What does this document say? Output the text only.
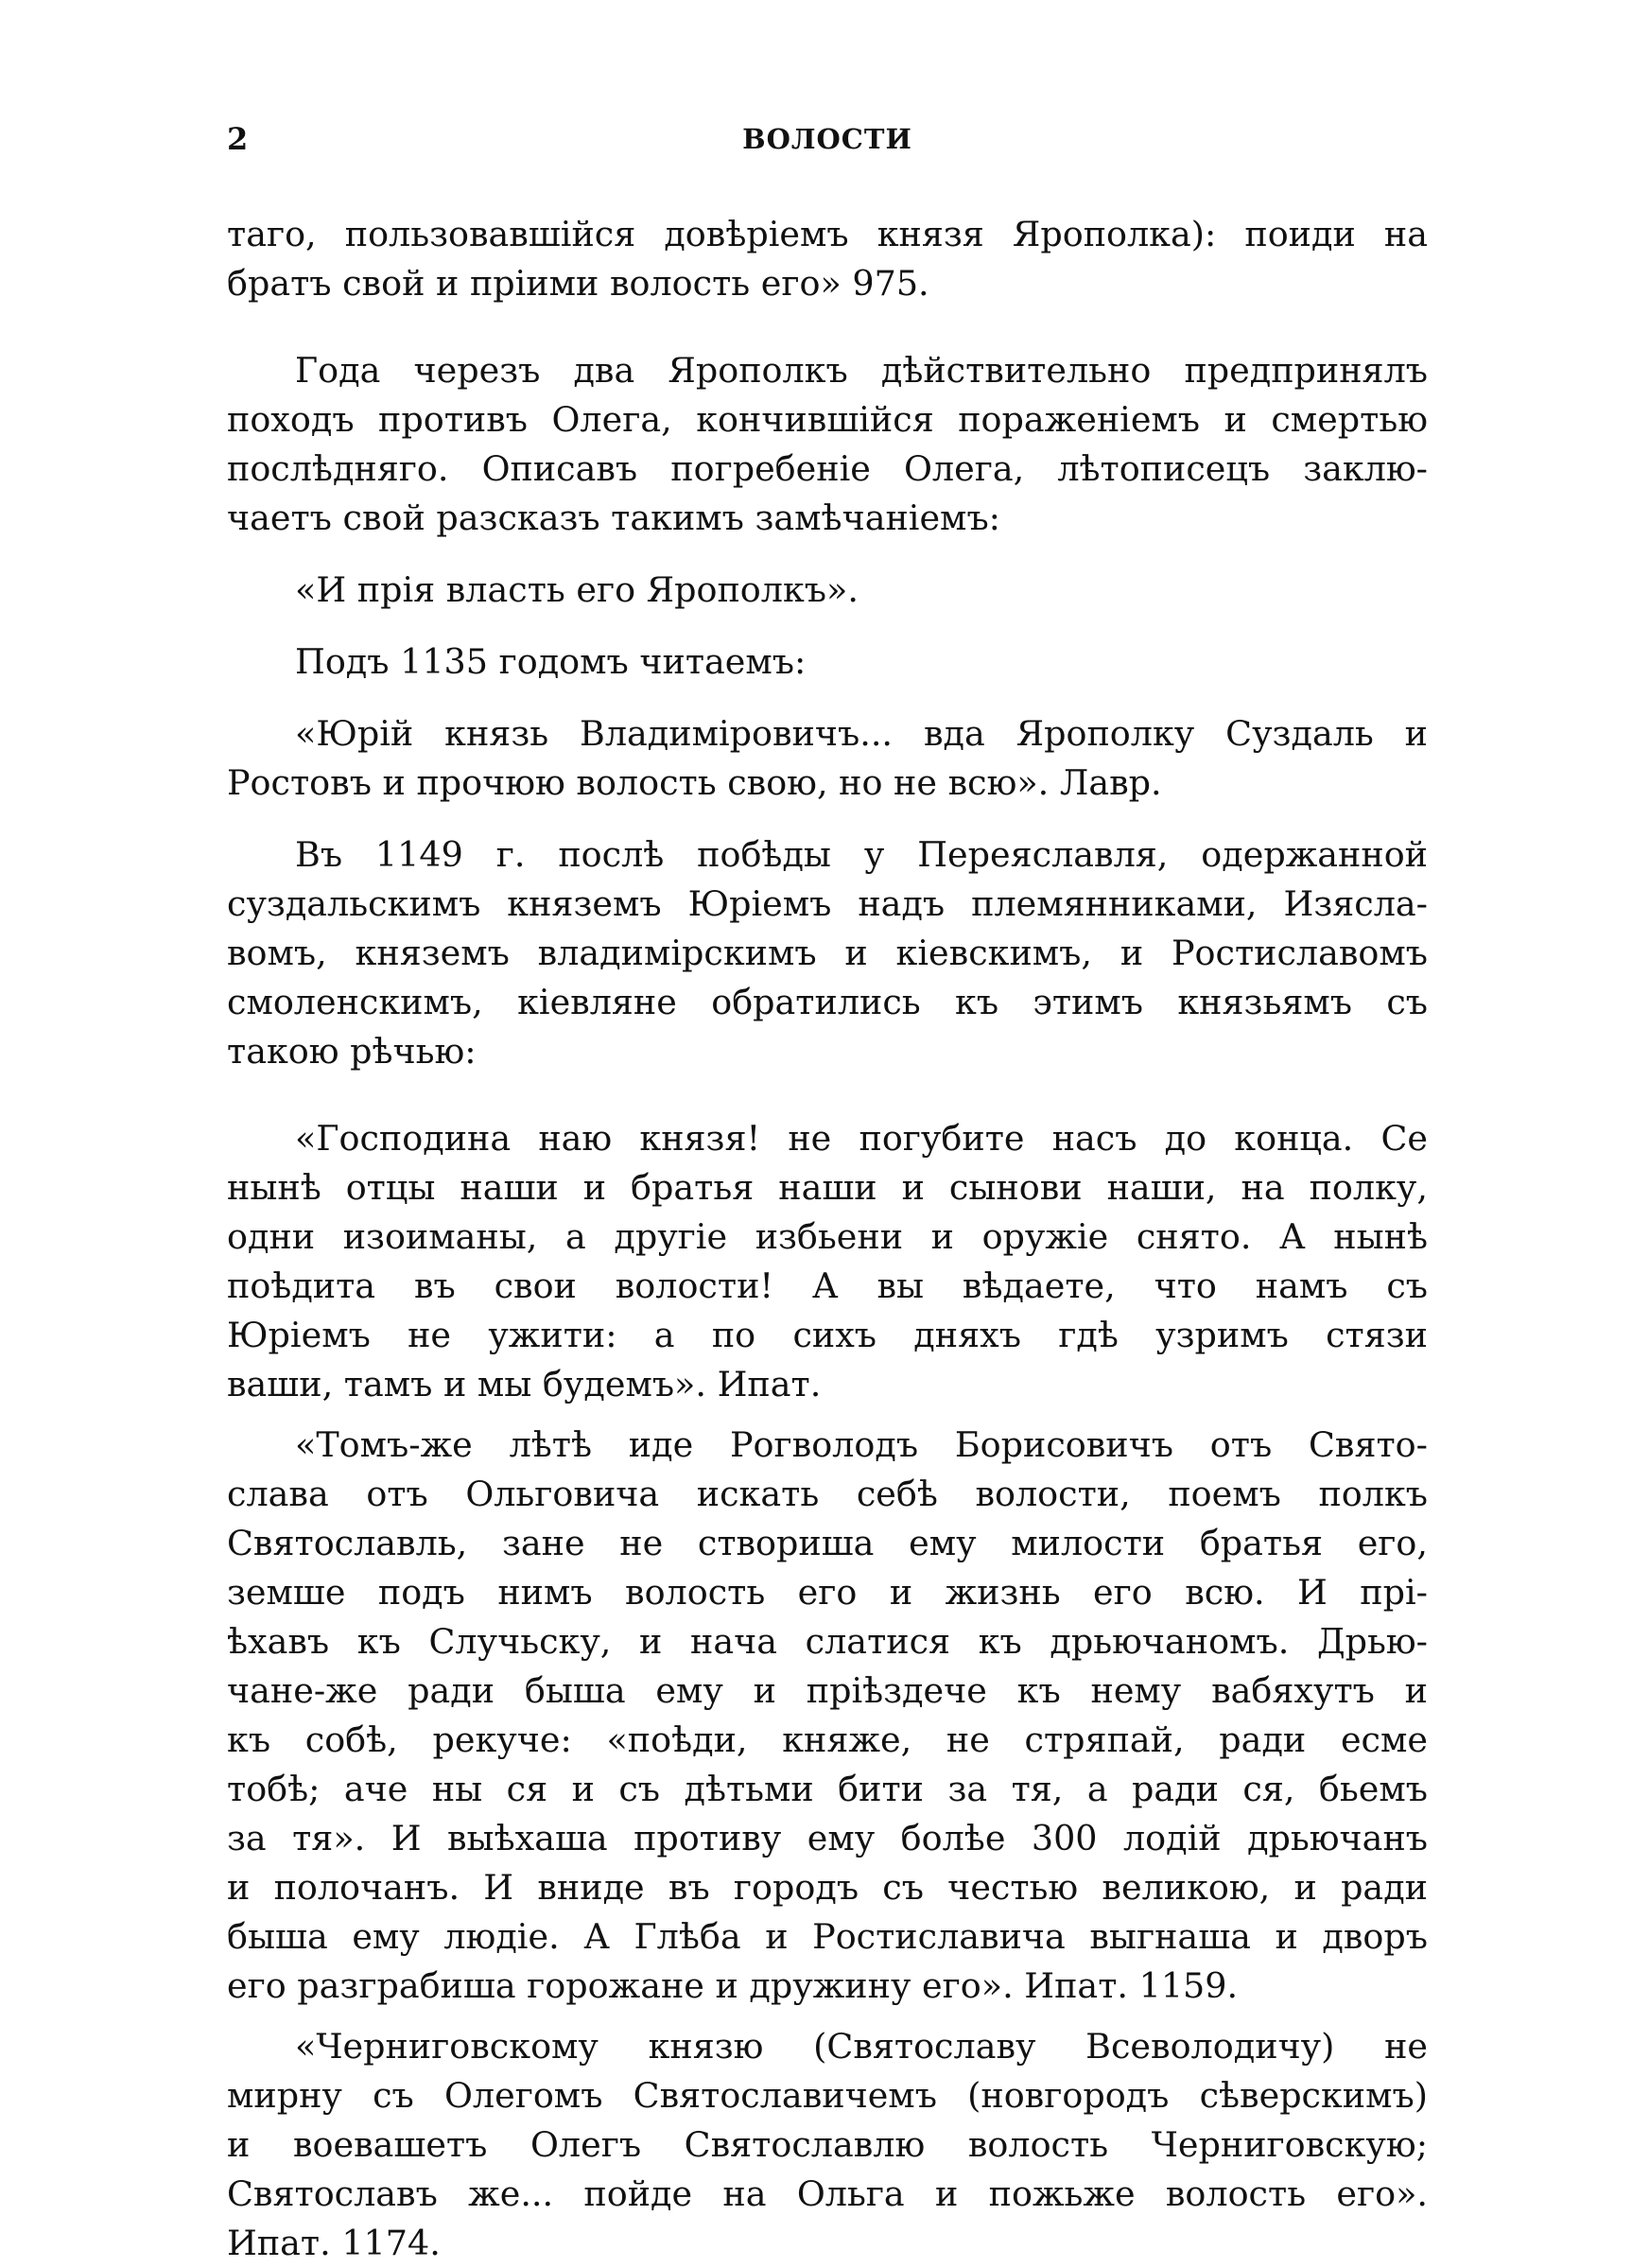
2	ВОЛОСТИ
таго, пользовавшійся довѣріемъ князя Ярополка): поиди на
братъ свой и пріими волость его» 975.
Года черезъ два Ярополкъ дѣйствительно предпринялъ
походъ противъ Олега, кончившійся пораженіемъ и смертью
послѣдняго. Описавъ погребеніе Олега, лѣтописецъ заклю-
чаетъ свой разсказъ такимъ замѣчаніемъ:
«И прія власть его Ярополкъ».
Подъ 1135 годомъ читаемъ:
«Юрій князь Владиміровичъ... вда Ярополку Суздаль и
Ростовъ и прочюю волость свою, но не всю». Лавр.
Въ 1149 г. послѣ побѣды у Переяславля, одержанной
суздальскимъ княземъ Юріемъ надъ племянниками, Изясла-
вомъ, княземъ владимірскимъ и кіевскимъ, и Ростиславомъ
смоленскимъ, кіевляне обратились къ этимъ князьямъ съ
такою рѣчью:
«Господина наю князя! не погубите насъ до конца. Се
нынѣ отцы наши и братья наши и сынови наши, на полку,
одни изоиманы, а другіе избьени и оружіе снято. А нынѣ
поѣдита въ свои волости! А вы вѣдаете, что намъ съ
Юріемъ не ужити: а по сихъ дняхъ гдѣ узримъ стязи
ваши, тамъ и мы будемъ». Ипат.
«Томъ-же лѣтѣ иде Рогволодъ Борисовичъ отъ Свято-
слава отъ Ольговича искать себѣ волости, поемъ полкъ
Святославль, зане не створиша ему милости братья его,
земше подъ нимъ волость его и жизнь его всю. И прі-
ѣхавъ къ Случьску, и нача слатися къ дрьючаномъ. Дрью-
чане-же ради быша ему и пріѣздече къ нему вабяхутъ и
къ собѣ, рекуче: «поѣди, княже, не стряпай, ради есме
тобѣ; аче ны ся и съ дѣтьми бити за тя, а ради ся, бьемъ
за тя». И выѣхаша противу ему болѣе 300 лодій дрьючанъ
и полочанъ. И вниде въ городъ съ честью великою, и ради
быша ему людіе. А Глѣба и Ростиславича выгнаша и дворъ
его разграбиша горожане и дружину его». Ипат. 1159.
«Черниговскому князю (Святославу Всеволодичу) не
мирну съ Олегомъ Святославичемъ (новгородъ сѣверскимъ)
и воевашетъ Олегъ Святославлю волость Черниговскую;
Святославъ же... пойде на Ольга и пожьже волость его».
Ипат. 1174.
